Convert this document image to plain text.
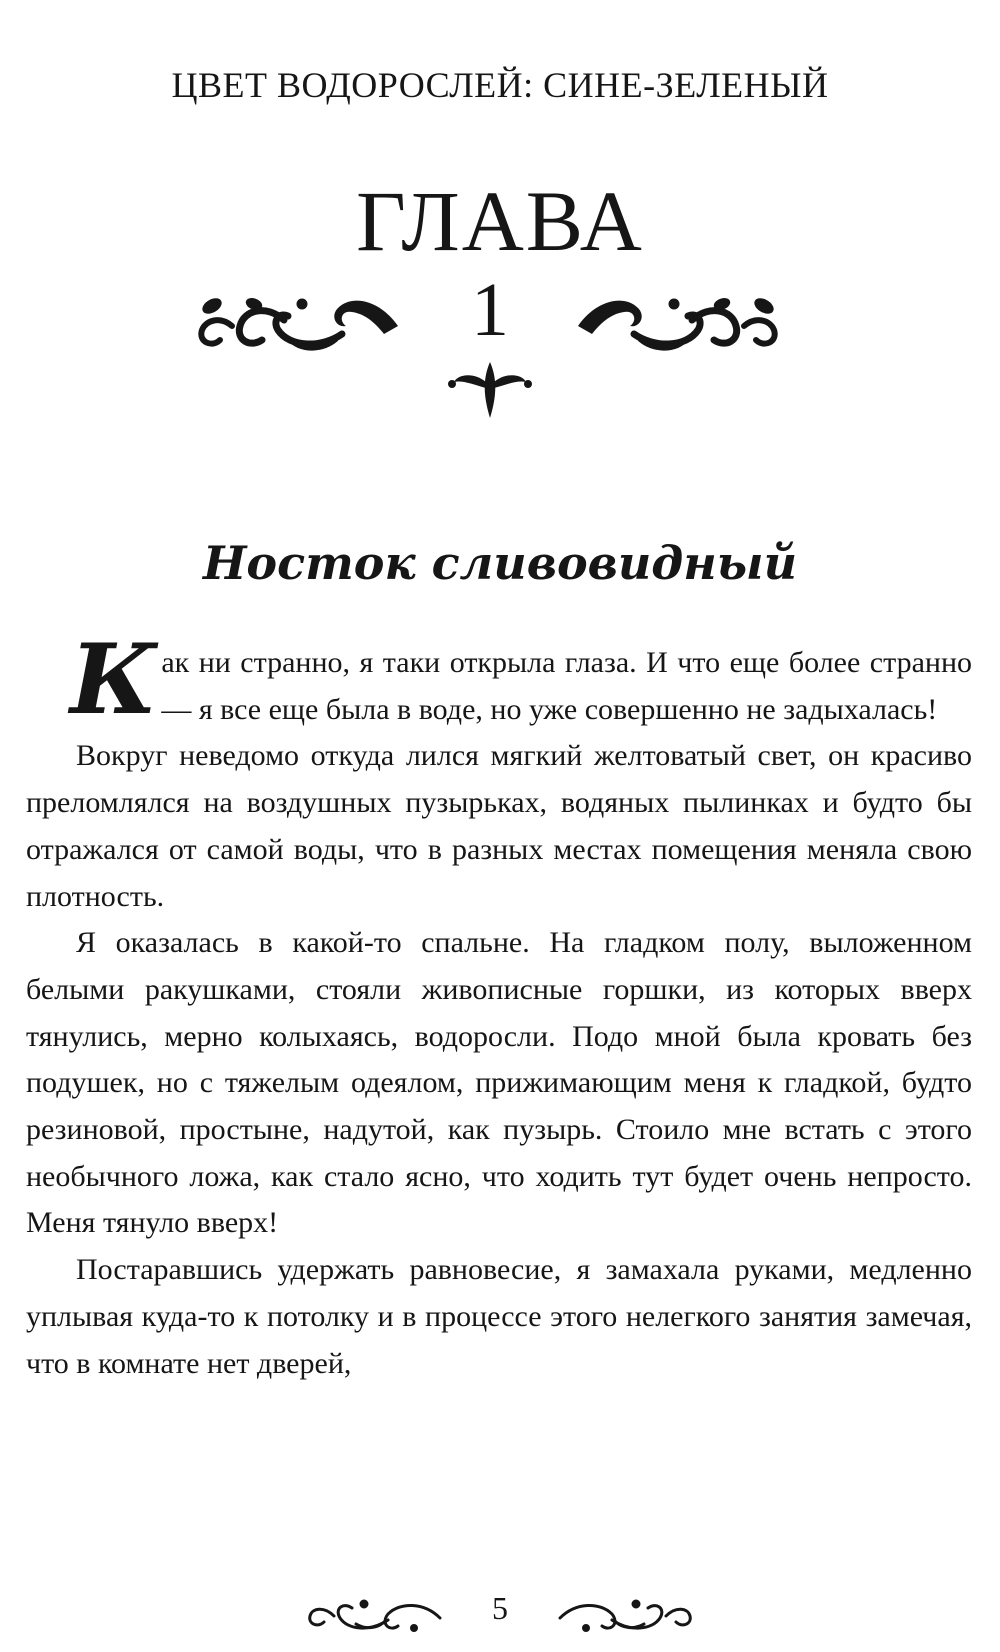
ЦВЕТ ВОДОРОСЛЕЙ: СИНЕ-ЗЕЛЕНЫЙ
ГЛАВА
1
Ностoк сливовидный

Как ни странно, я таки открыла глаза. И что еще более странно — я все еще была в воде, но уже совершенно не задыхалась!

Вокруг неведомо откуда лился мягкий желтоватый свет, он красиво преломлялся на воздушных пузырьках, водяных пылинках и будто бы отражался от самой воды, что в разных местах помещения меняла свою плотность.

Я оказалась в какой-то спальне. На гладком полу, выложенном белыми ракушками, стояли живописные горшки, из которых вверх тянулись, мерно колыхаясь, водоросли. Подо мной была кровать без подушек, но с тяжелым одеялом, прижимающим меня к гладкой, будто резиновой, простыне, надутой, как пузырь. Стоило мне встать с этого необычного ложа, как стало ясно, что ходить тут будет очень непросто. Меня тянуло вверх!

Постаравшись удержать равновесие, я замахала руками, медленно уплывая куда-то к потолку и в процессе этого нелегкого занятия замечая, что в комнате нет дверей,

5
